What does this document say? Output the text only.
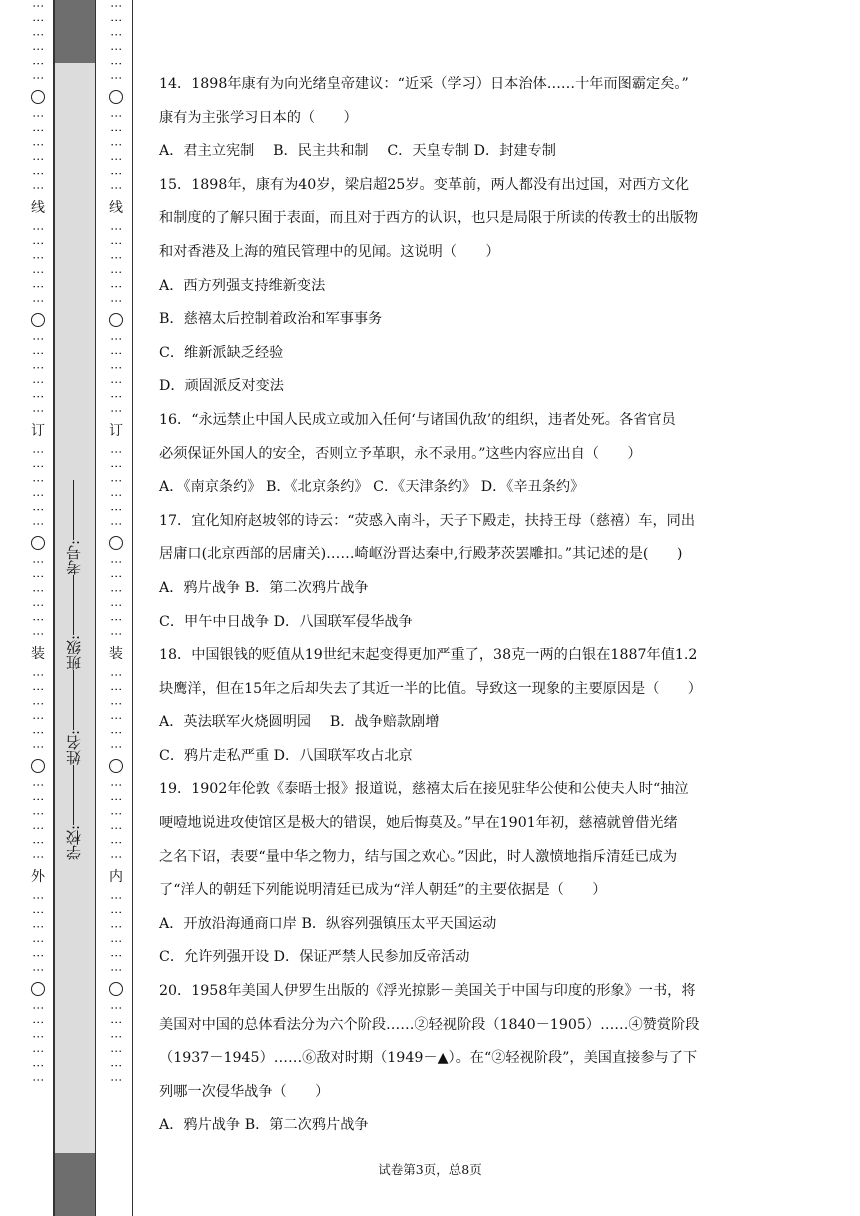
⋮ ⋮ ⋮ ⋮ ⋮ ⋮
⋮ ⋮ ⋮ ⋮ ⋮ ⋮
线
⋮ ⋮ ⋮ ⋮ ⋮ ⋮
⋮ ⋮ ⋮ ⋮ ⋮ ⋮
订
⋮ ⋮ ⋮ ⋮ ⋮ ⋮
⋮ ⋮ ⋮ ⋮ ⋮ ⋮
装
⋮ ⋮ ⋮ ⋮ ⋮ ⋮
⋮ ⋮ ⋮ ⋮ ⋮ ⋮
外
⋮ ⋮ ⋮ ⋮ ⋮ ⋮
⋮ ⋮ ⋮ ⋮ ⋮ ⋮
学校:
姓名:
班级:
考号:
⋮ ⋮ ⋮ ⋮ ⋮ ⋮
⋮ ⋮ ⋮ ⋮ ⋮ ⋮
线
⋮ ⋮ ⋮ ⋮ ⋮ ⋮
⋮ ⋮ ⋮ ⋮ ⋮ ⋮
订
⋮ ⋮ ⋮ ⋮ ⋮ ⋮
⋮ ⋮ ⋮ ⋮ ⋮ ⋮
装
⋮ ⋮ ⋮ ⋮ ⋮ ⋮
⋮ ⋮ ⋮ ⋮ ⋮ ⋮
内
⋮ ⋮ ⋮ ⋮ ⋮ ⋮
⋮ ⋮ ⋮ ⋮ ⋮ ⋮
14．1898年康有为向光绪皇帝建议：“近采（学习）日本治体……十年而图霸定矣。”
康有为主张学习日本的（　　）
A．君主立宪制　 B．民主共和制　 C．天皇专制 D．封建专制
15．1898年，康有为40岁，梁启超25岁。变革前，两人都没有出过国，对西方文化
和制度的了解只囿于表面，而且对于西方的认识，也只是局限于所读的传教士的出版物
和对香港及上海的殖民管理中的见闻。这说明（　　）
A．西方列强支持维新变法
B．慈禧太后控制着政治和军事事务
C．维新派缺乏经验
D．顽固派反对变法
16．“永远禁止中国人民成立或加入任何‘与诸国仇敌’的组织，违者处死。各省官员
必须保证外国人的安全，否则立予革职，永不录用。”这些内容应出自（　　）
A．《南京条约》 B．《北京条约》 C．《天津条约》 D．《辛丑条约》
17．宜化知府赵坡邻的诗云：“荧惑入南斗，天子下殿走，扶持王母（慈禧）车，同出
居庸口(北京西部的居庸关)……崎岖汾晋达秦中,行殿茅茨罢雕扣。”其记述的是(　　)
A．鸦片战争 B．第二次鸦片战争
C．甲午中日战争 D．八国联军侵华战争
18．中国银钱的贬值从19世纪末起变得更加严重了，38克一两的白银在1887年值1.2
块鹰洋，但在15年之后却失去了其近一半的比值。导致这一现象的主要原因是（　　）
A．英法联军火烧圆明园　 B．战争赔款剧增
C．鸦片走私严重 D．八国联军攻占北京
19．1902年伦敦《泰晤士报》报道说，慈禧太后在接见驻华公使和公使夫人时“抽泣
哽噎地说进攻使馆区是极大的错误，她后悔莫及。”早在1901年初，慈禧就曾借光绪
之名下诏，表要“量中华之物力，结与国之欢心。”因此，时人激愤地指斥清廷已成为
了“洋人的朝廷下列能说明清廷已成为“洋人朝廷”的主要依据是（　　）
A．开放沿海通商口岸 B．纵容列强镇压太平天国运动
C．允许列强开设 D．保证严禁人民参加反帝活动
20．1958年美国人伊罗生出版的《浮光掠影－美国关于中国与印度的形象》一书，将
美国对中国的总体看法分为六个阶段……②轻视阶段（1840－1905）……④赞赏阶段
（1937－1945）……⑥敌对时期（1949－▲）。在“②轻视阶段”，美国直接参与了下
列哪一次侵华战争（　　）
A．鸦片战争 B．第二次鸦片战争
试卷第3页，总8页
